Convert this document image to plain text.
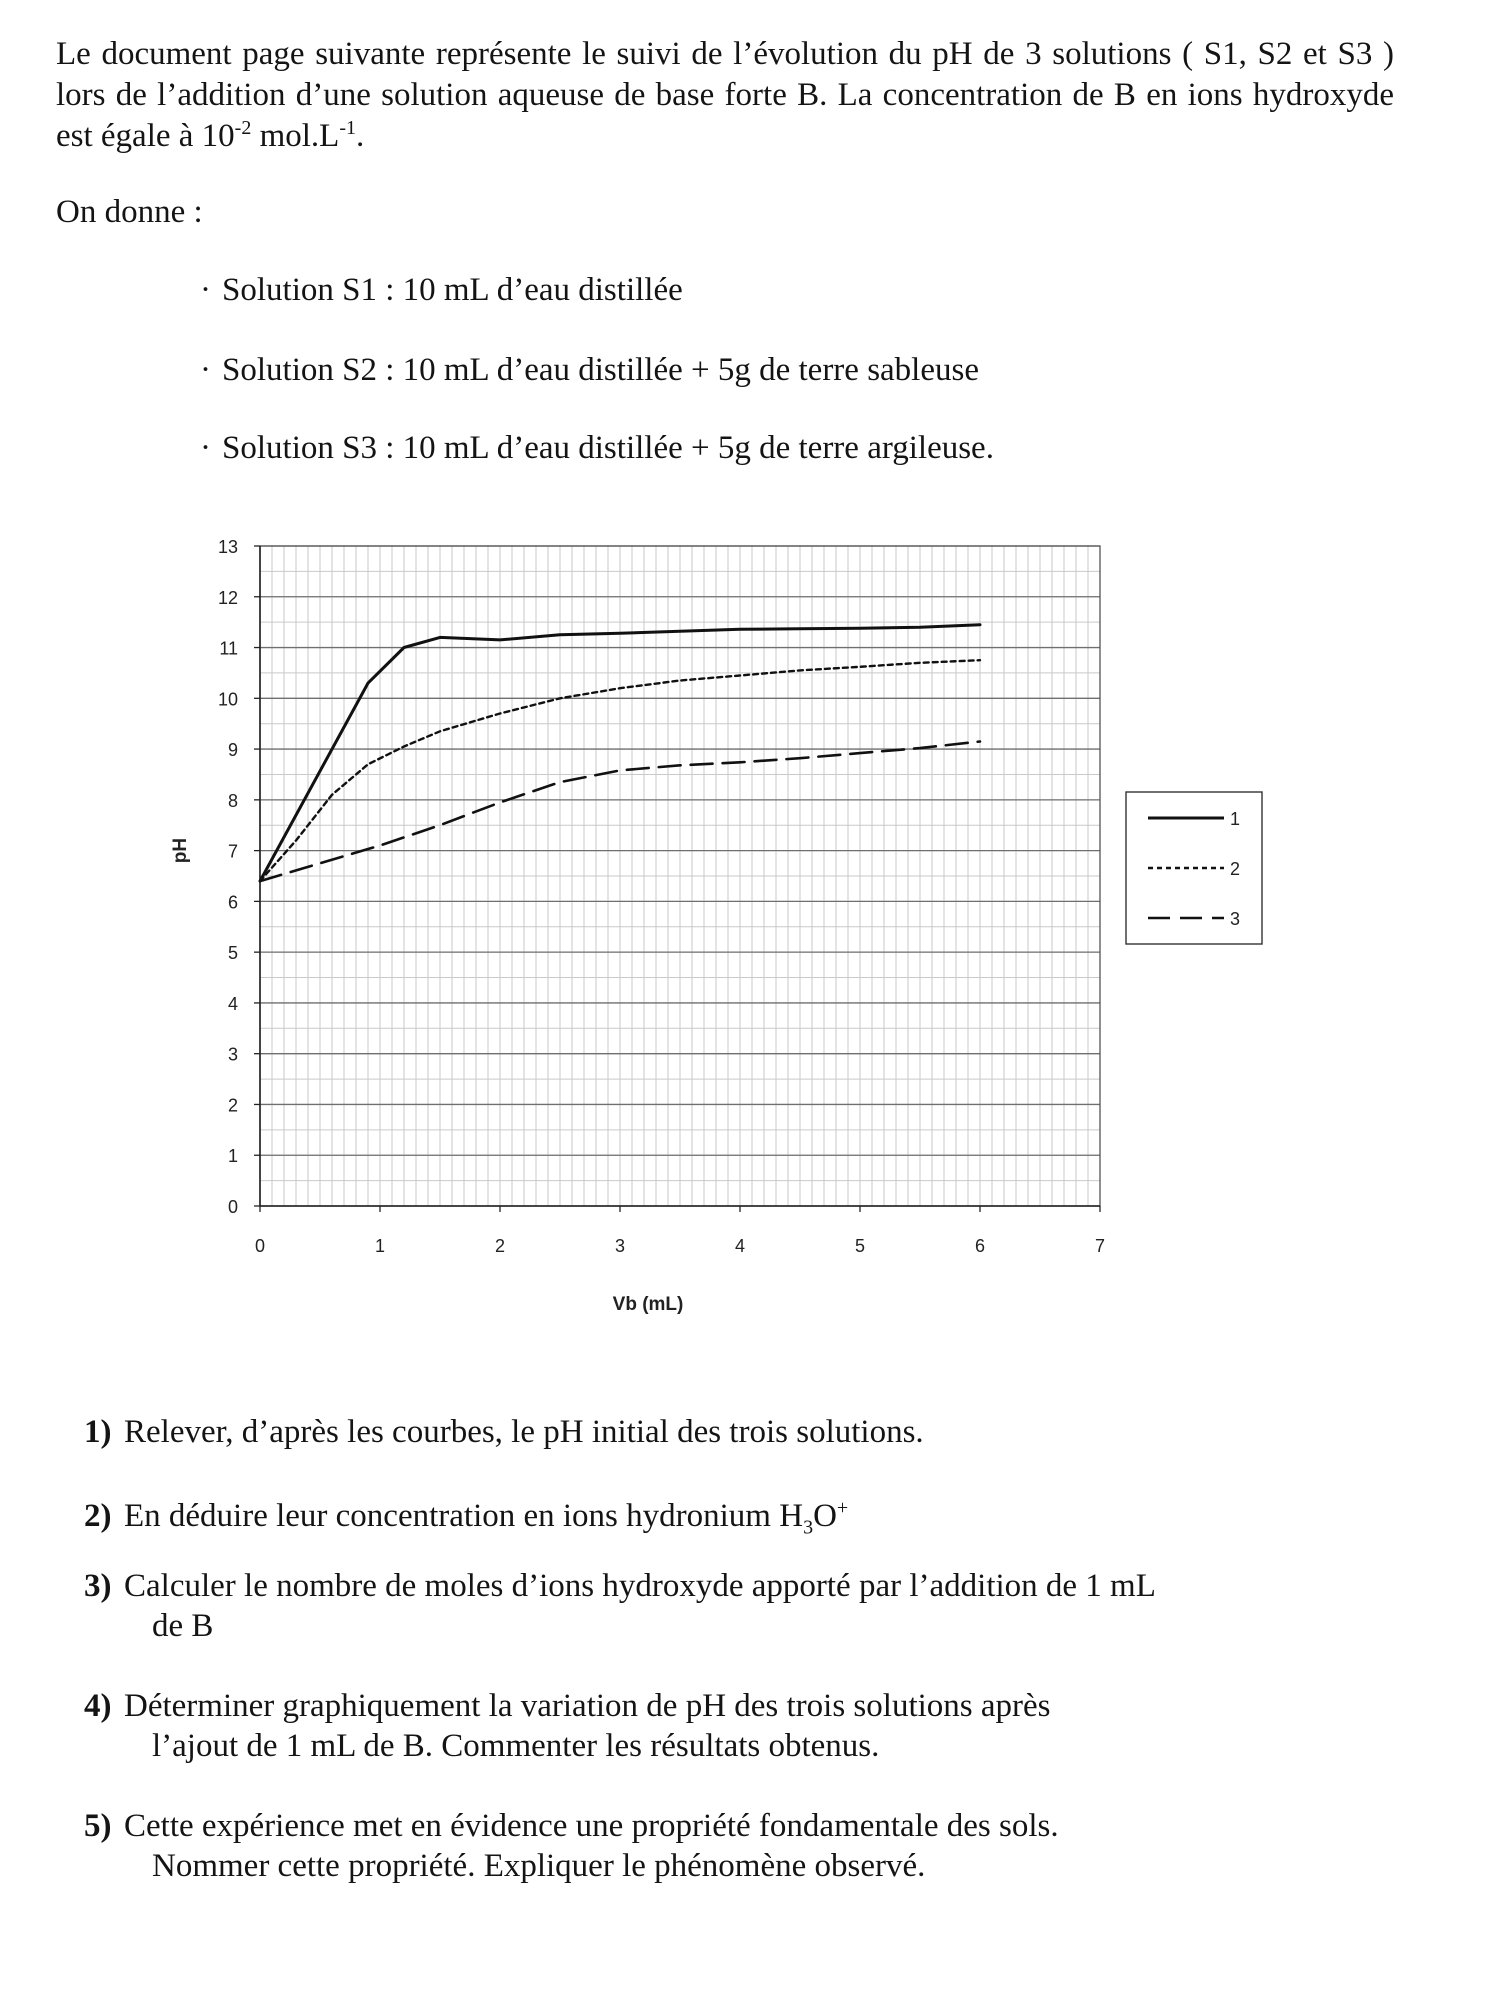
Le document page suivante représente le suivi de l’évolution du pH de 3 solutions ( S1, S2 et S3 ) lors de l’addition d’une solution aqueuse de base forte B. La concentration de B en ions hydroxyde est égale à $10^{-2}$ $mol.L^{-1}$.

On donne :

· Solution S1 : 10 mL d’eau distillée

· Solution S2 : 10 mL d’eau distillée + 5g de terre sableuse

· Solution S3 : 10 mL d’eau distillée + 5g de terre argileuse.

0
1
2
3
4
5
6
7
8
9
10
11
12
13
0	1	2	3	4	5	6	7
Vb (mL)
pH
1
2
3

1) Relever, d’après les courbes, le pH initial des trois solutions.

2) En déduire leur concentration en ions hydronium $H_3O^+$

3) Calculer le nombre de moles d’ions hydroxyde apporté par l’addition de 1 mL
de B

4) Déterminer graphiquement la variation de pH des trois solutions après
l’ajout de 1 mL de B. Commenter les résultats obtenus.

5) Cette expérience met en évidence une propriété fondamentale des sols.
Nommer cette propriété. Expliquer le phénomène observé.
